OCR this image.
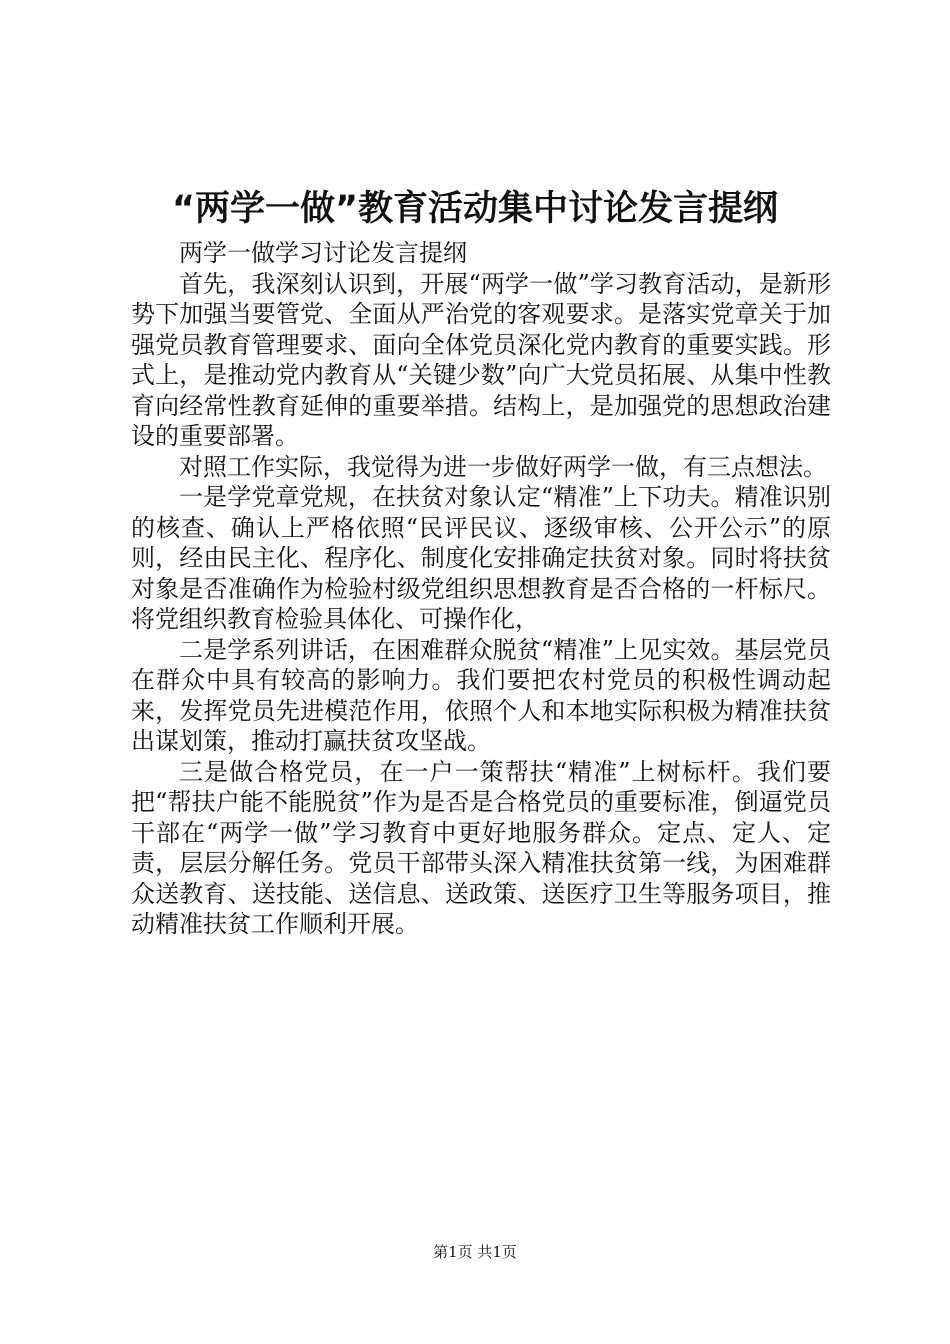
“两学一做”教育活动集中讨论发言提纲

两学一做学习讨论发言提纲

首先，我深刻认识到，开展“两学一做”学习教育活动，是新形势下加强当要管党、全面从严治党的客观要求。是落实党章关于加强党员教育管理要求、面向全体党员深化党内教育的重要实践。形式上，是推动党内教育从“关键少数”向广大党员拓展、从集中性教育向经常性教育延伸的重要举措。结构上，是加强党的思想政治建设的重要部署。

对照工作实际，我觉得为进一步做好两学一做，有三点想法。

一是学党章党规，在扶贫对象认定“精准”上下功夫。精准识别的核查、确认上严格依照“民评民议、逐级审核、公开公示”的原则，经由民主化、程序化、制度化安排确定扶贫对象。同时将扶贫对象是否准确作为检验村级党组织思想教育是否合格的一杆标尺。将党组织教育检验具体化、可操作化，

二是学系列讲话，在困难群众脱贫“精准”上见实效。基层党员在群众中具有较高的影响力。我们要把农村党员的积极性调动起来，发挥党员先进模范作用，依照个人和本地实际积极为精准扶贫出谋划策，推动打赢扶贫攻坚战。

三是做合格党员，在一户一策帮扶“精准”上树标杆。我们要把“帮扶户能不能脱贫”作为是否是合格党员的重要标准，倒逼党员干部在“两学一做”学习教育中更好地服务群众。定点、定人、定责，层层分解任务。党员干部带头深入精准扶贫第一线，为困难群众送教育、送技能、送信息、送政策、送医疗卫生等服务项目，推动精准扶贫工作顺利开展。

第1页 共1页
